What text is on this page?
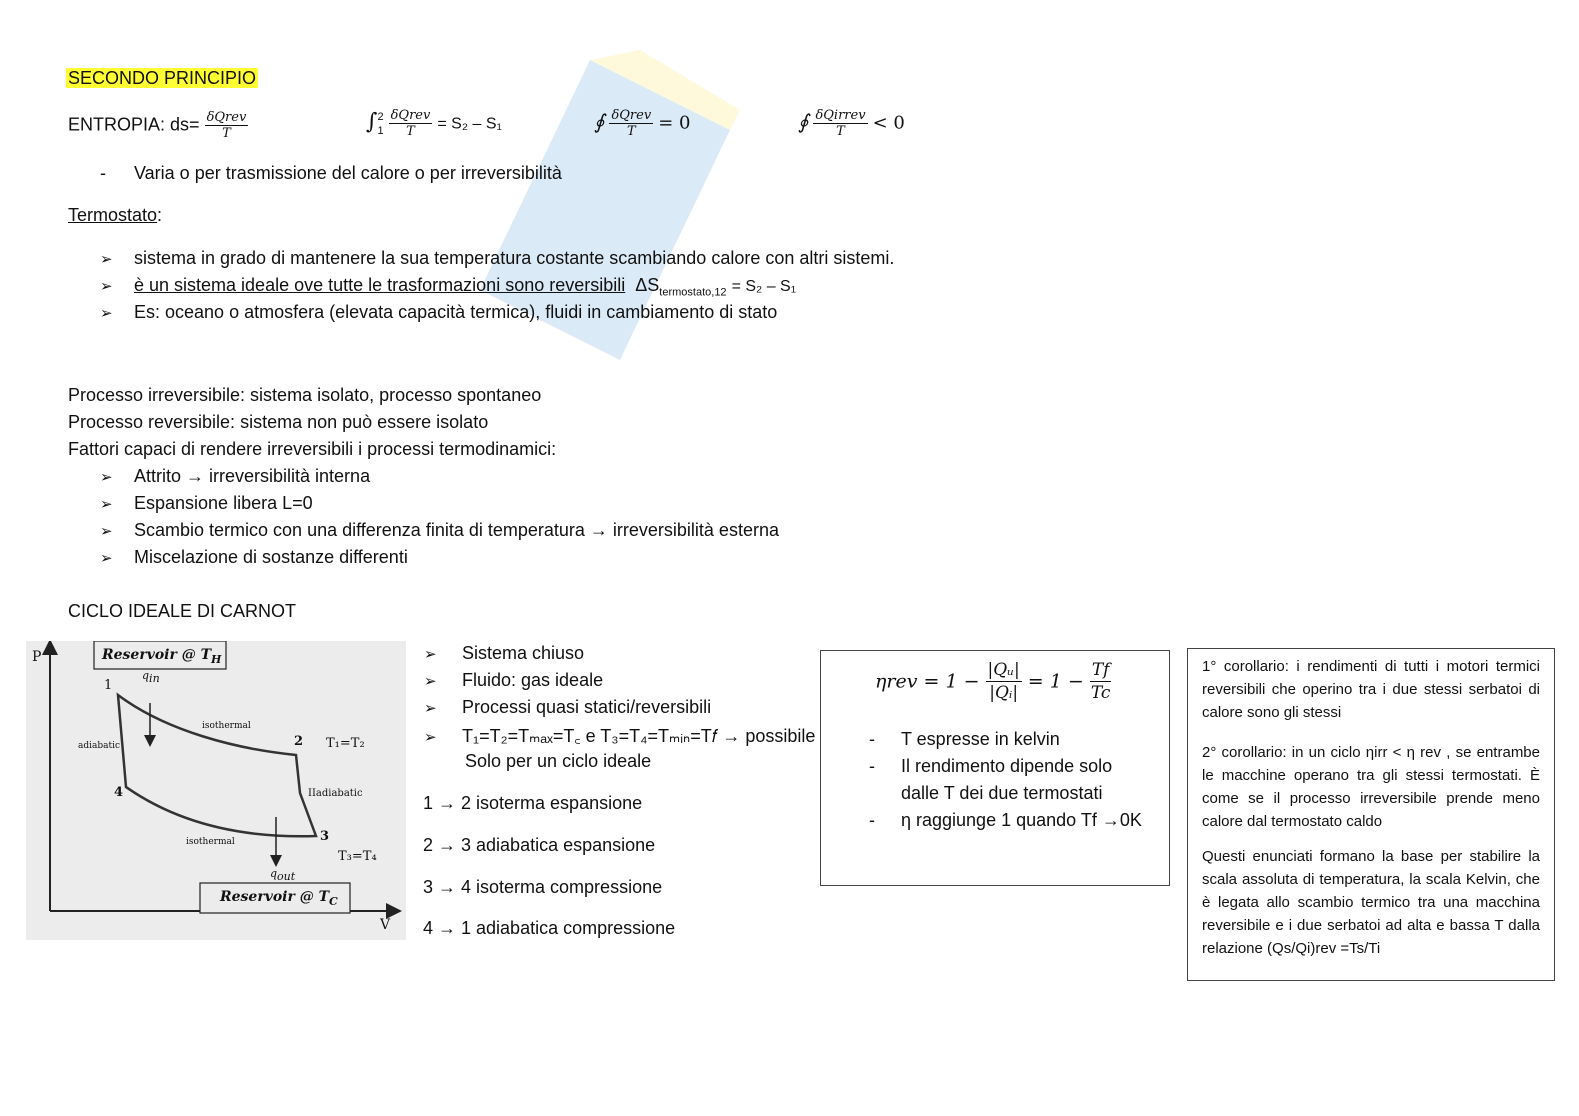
SECONDO PRINCIPIO
ENTROPIA: $ds= \frac{\text{δQrev}}{T}$	∫ 2
1
$\frac{\text{δQrev}}{T} = S_2 - S_1$	∮ $\frac{\text{δQrev}}{T} = 0$	∮ $\frac{\text{δQirrev}}{T} < 0$
- Varia o per trasmissione del calore o per irreversibilità
Termostato:
➢ sistema in grado di mantenere la sua temperatura costante scambiando calore con altri sistemi.
➢ è un sistema ideale ove tutte le trasformazioni sono reversibili $\Delta S_{termostato,12} = S_2 - S_1$
➢ Es: oceano o atmosfera (elevata capacità termica), fluidi in cambiamento di stato
Processo irreversibile: sistema isolato, processo spontaneo
Processo reversibile: sistema non può essere isolato
Fattori capaci di rendere irreversibili i processi termodinamici:
➢ Attrito → irreversibilità interna
➢ Espansione libera L=0
➢ Scambio termico con una differenza finita di temperatura → irreversibilità esterna
➢ Miscelazione di sostanze differenti
CICLO IDEALE DI CARNOT
P
V
Reservoir @ $T_H$
Reservoir @ $T_C$
$q_{in}$
$q_{out}$
1
2
3
4
isothermal
isothermal
adiabatic
IIadiabatic
T₁=T₂
T₃=T₄
➢ Sistema chiuso
➢ Fluido: gas ideale
➢ Processi quasi statici/reversibili
➢ T₁=T₂=Tₘₐₓ=T꜀ e T₃=T₄=Tₘᵢₙ=T𝑓 → possibile
Solo per un ciclo ideale
1 → 2 isoterma espansione
2 → 3 adiabatica espansione
3 → 4 isoterma compressione
4 → 1 adiabatica compressione
$\eta rev = 1 - \frac{\text{|Qᵤ|}}{\text{|Qᵢ|}} = 1 - \frac{Tf}{Tc}$
- T espresse in kelvin
- Il rendimento dipende solo
dalle T dei due termostati
- η raggiunge 1 quando Tf →0K
1° corollario: i rendimenti di tutti i motori termici reversibili che operino tra i due stessi serbatoi di calore sono gli stessi
2° corollario: in un ciclo ηirr < η rev , se entrambe le macchine operano tra gli stessi termostati. È come se il processo irreversibile prende meno calore dal termostato caldo
Questi enunciati formano la base per stabilire la scala assoluta di temperatura, la scala Kelvin, che è legata allo scambio termico tra una macchina reversibile e i due serbatoi ad alta e bassa T dalla relazione (Qs/Qi)rev =Ts/Ti
